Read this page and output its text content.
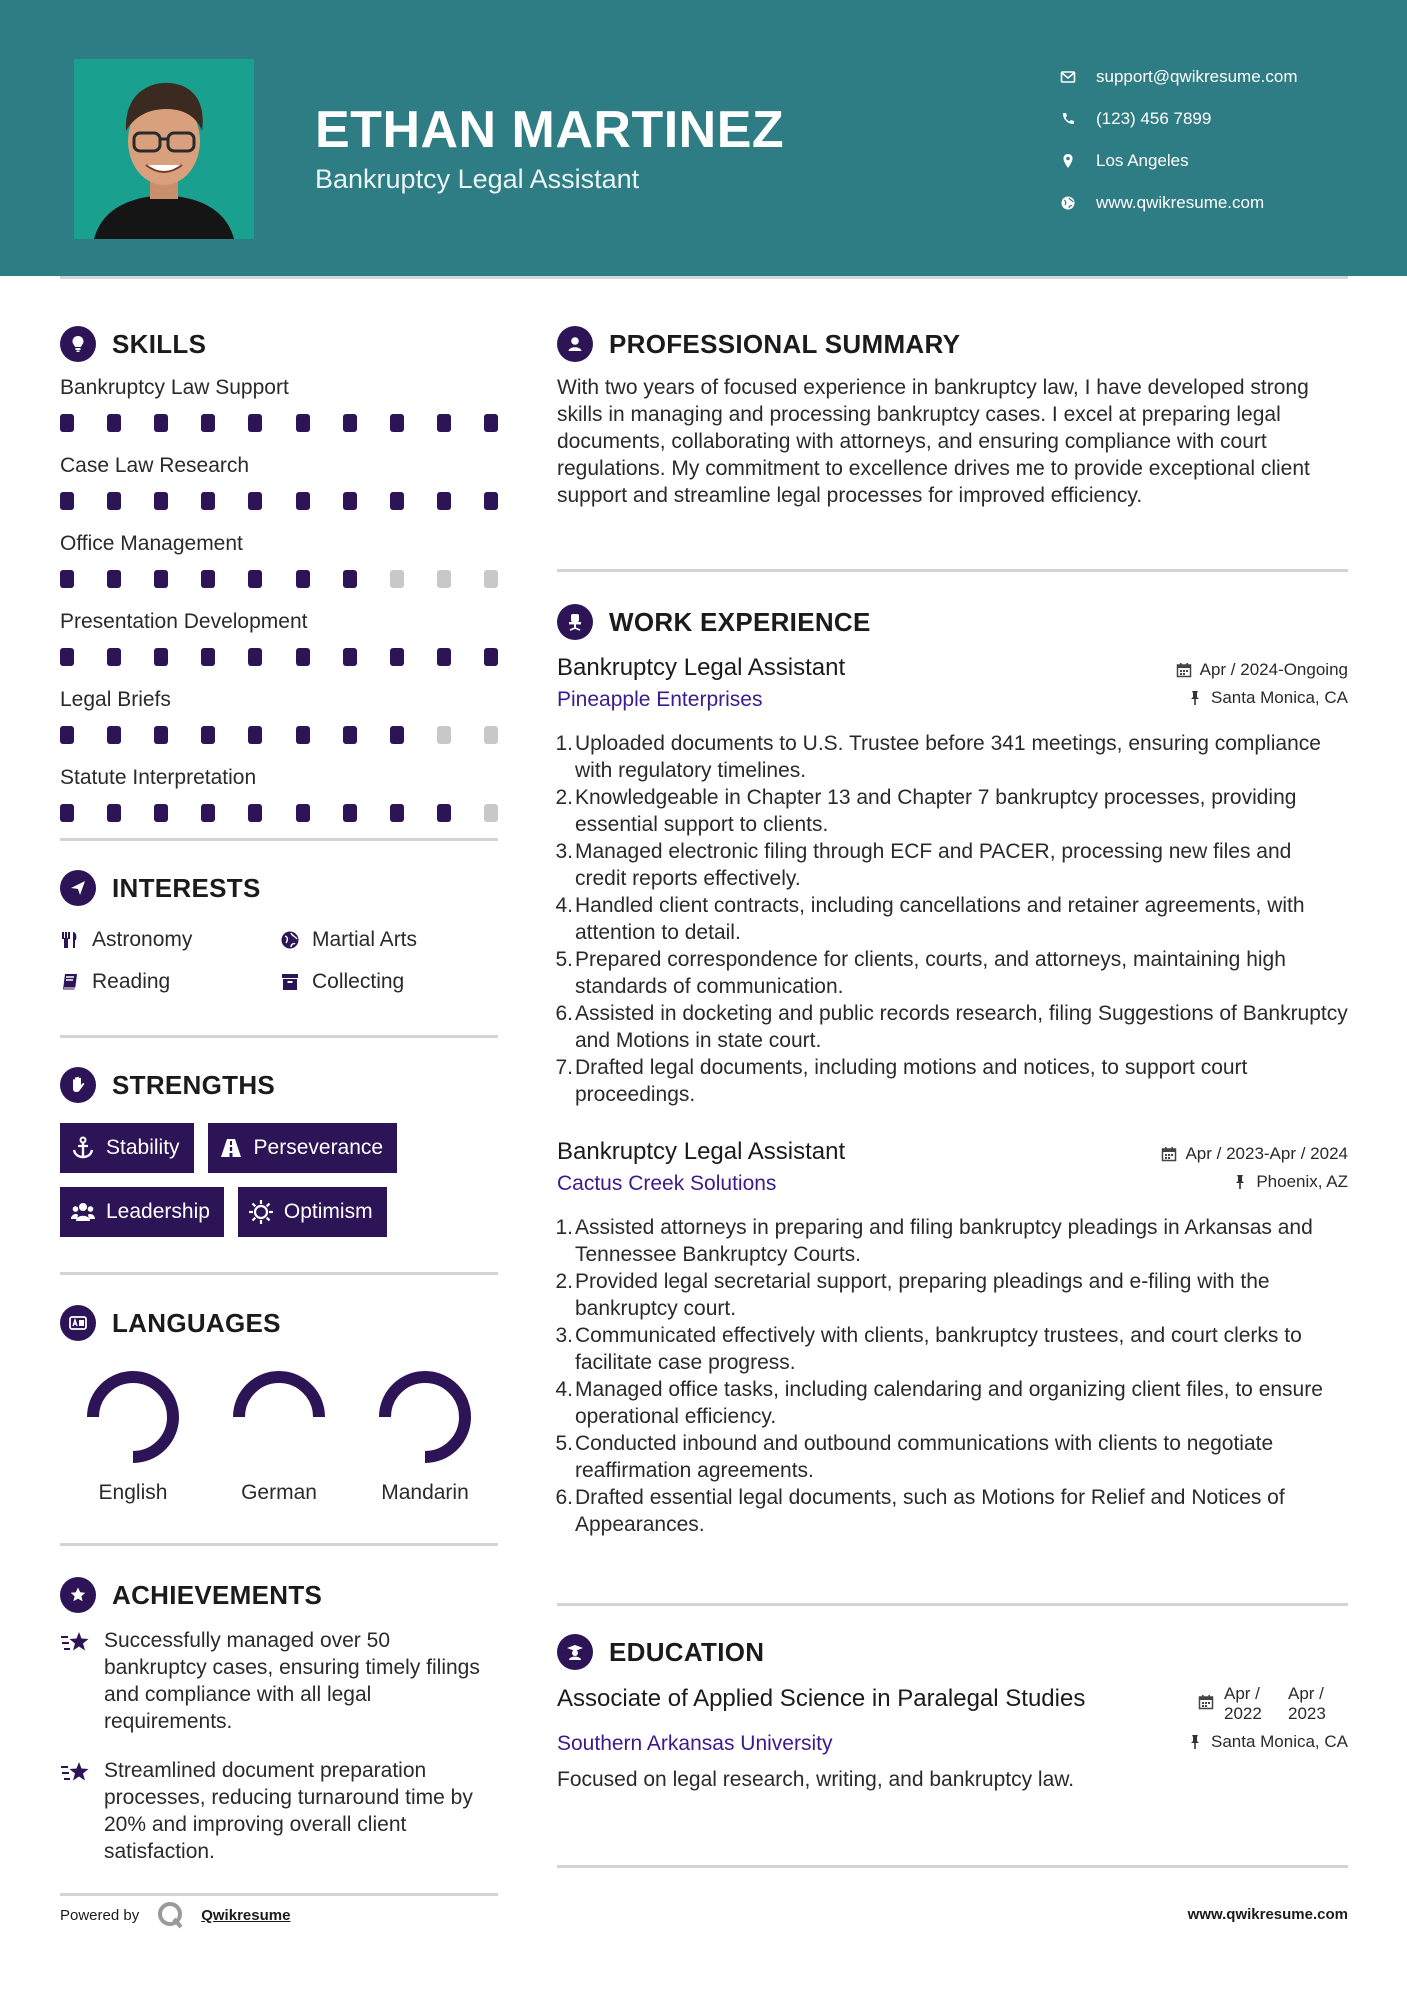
ETHAN MARTINEZ
Bankruptcy Legal Assistant
support@qwikresume.com
(123) 456 7899
Los Angeles
www.qwikresume.com
SKILLS
Bankruptcy Law Support
Case Law Research
Office Management
Presentation Development
Legal Briefs
Statute Interpretation
INTERESTS
Astronomy	Martial Arts
Reading	Collecting
STRENGTHS
Stability	Perseverance
Leadership	Optimism
LANGUAGES
English	German	Mandarin
ACHIEVEMENTS
Successfully managed over 50 bankruptcy cases, ensuring timely filings and compliance with all legal requirements.
Streamlined document preparation processes, reducing turnaround time by 20% and improving overall client satisfaction.
Powered by	Qwikresume	www.qwikresume.com
PROFESSIONAL SUMMARY

With two years of focused experience in bankruptcy law, I have developed strong skills in managing and processing bankruptcy cases. I excel at preparing legal documents, collaborating with attorneys, and ensuring compliance with court regulations. My commitment to excellence drives me to provide exceptional client support and streamline legal processes for improved efficiency.

WORK EXPERIENCE
Bankruptcy Legal Assistant	Apr / 2024-Ongoing
Pineapple Enterprises	Santa Monica, CA
1. Uploaded documents to U.S. Trustee before 341 meetings, ensuring compliance with regulatory timelines.
2. Knowledgeable in Chapter 13 and Chapter 7 bankruptcy processes, providing essential support to clients.
3. Managed electronic filing through ECF and PACER, processing new files and credit reports effectively.
4. Handled client contracts, including cancellations and retainer agreements, with attention to detail.
5. Prepared correspondence for clients, courts, and attorneys, maintaining high standards of communication.
6. Assisted in docketing and public records research, filing Suggestions of Bankruptcy and Motions in state court.
7. Drafted legal documents, including motions and notices, to support court proceedings.
Bankruptcy Legal Assistant	Apr / 2023-Apr / 2024
Cactus Creek Solutions	Phoenix, AZ
1. Assisted attorneys in preparing and filing bankruptcy pleadings in Arkansas and Tennessee Bankruptcy Courts.
2. Provided legal secretarial support, preparing pleadings and e-filing with the bankruptcy court.
3. Communicated effectively with clients, bankruptcy trustees, and court clerks to facilitate case progress.
4. Managed office tasks, including calendaring and organizing client files, to ensure operational efficiency.
5. Conducted inbound and outbound communications with clients to negotiate reaffirmation agreements.
6. Drafted essential legal documents, such as Motions for Relief and Notices of Appearances.
EDUCATION
Associate of Applied Science in Paralegal Studies	Apr / 2022
Apr / 2023
Southern Arkansas University	Santa Monica, CA

Focused on legal research, writing, and bankruptcy law.
